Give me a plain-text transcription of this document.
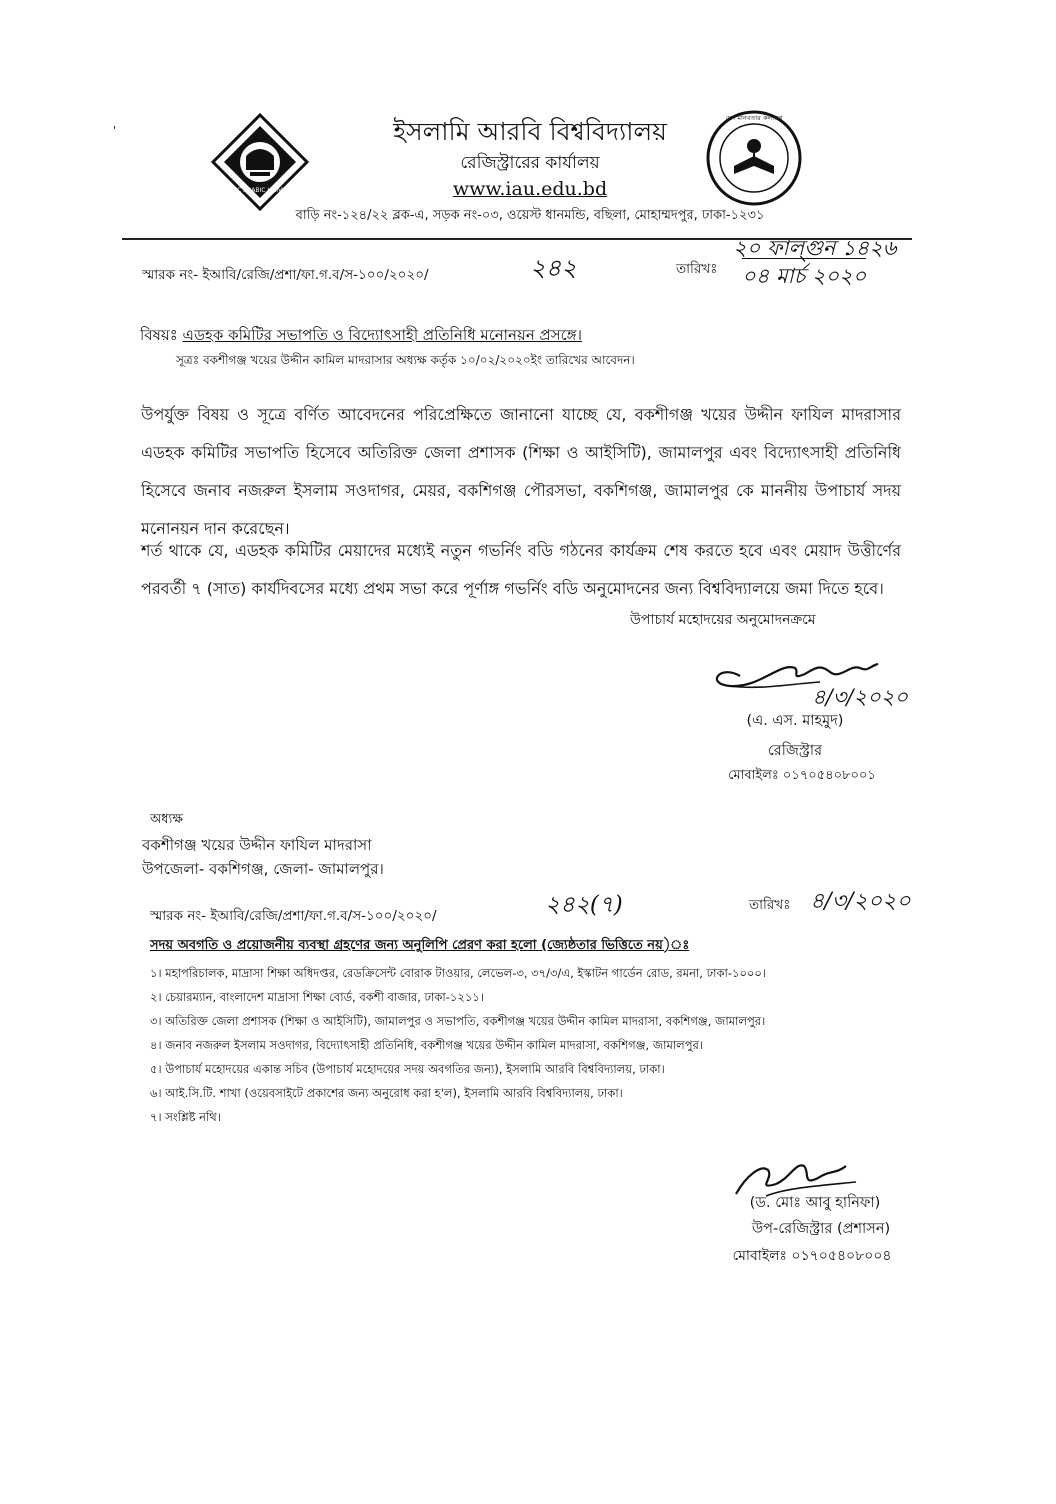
'
ISLAMIC ARABIC UNIVERSITY
ইসলামি আরবি বিশ্ববিদ্যালয়
রেজিস্ট্রারের কার্যালয়
www.iau.edu.bd
দেশ মানবতার কল্যাণে
বাড়ি নং-১২৪/২২ ব্লক-এ, সড়ক নং-০৩, ওয়েস্ট ধানমন্ডি, বছিলা, মোহাম্মদপুর, ঢাকা-১২৩১
স্মারক নং- ইআবি/রেজি/প্রশা/ফা.গ.ব/স-১০০/২০২০/	২৪২	তারিখঃ
২০ ফাল্গুন ১৪২৬
০৪ মার্চ ২০২০
বিষয়ঃ এডহক কমিটির সভাপতি ও বিদ্যোৎসাহী প্রতিনিধি মনোনয়ন প্রসঙ্গে।
সূত্রঃ বকশীগঞ্জ খয়ের উদ্দীন কামিল মাদরাসার অধ্যক্ষ কর্তৃক ১০/০২/২০২০ইং তারিখের আবেদন।
উপর্যুক্ত বিষয় ও সূত্রে বর্ণিত আবেদনের পরিপ্রেক্ষিতে জানানো যাচ্ছে যে, বকশীগঞ্জ খয়ের উদ্দীন ফাযিল মাদরাসার এডহক কমিটির সভাপতি হিসেবে অতিরিক্ত জেলা প্রশাসক (শিক্ষা ও আইসিটি), জামালপুর এবং বিদ্যোৎসাহী প্রতিনিধি হিসেবে জনাব নজরুল ইসলাম সওদাগর, মেয়র, বকশিগঞ্জ পৌরসভা, বকশিগঞ্জ, জামালপুর কে মাননীয় উপাচার্য সদয় মনোনয়ন দান করেছেন।
শর্ত থাকে যে, এডহক কমিটির মেয়াদের মধ্যেই নতুন গভর্নিং বডি গঠনের কার্যক্রম শেষ করতে হবে এবং মেয়াদ উত্তীর্ণের পরবর্তী ৭ (সাত) কার্যদিবসের মধ্যে প্রথম সভা করে পূর্ণাঙ্গ গভর্নিং বডি অনুমোদনের জন্য বিশ্ববিদ্যালয়ে জমা দিতে হবে।
উপাচার্য মহোদয়ের অনুমোদনক্রমে
৪/৩/২০২০
(এ. এস. মাহমুদ)
রেজিস্ট্রার
মোবাইলঃ ০১৭০৫৪০৮০০১
অধ্যক্ষ
বকশীগঞ্জ খয়ের উদ্দীন ফাযিল মাদরাসা
উপজেলা- বকশিগঞ্জ, জেলা- জামালপুর।
স্মারক নং- ইআবি/রেজি/প্রশা/ফা.গ.ব/স-১০০/২০২০/	২৪২(৭)	তারিখঃ ৪/৩/২০২০
সদয় অবগতি ও প্রয়োজনীয় ব্যবস্থা গ্রহণের জন্য অনুলিপি প্রেরণ করা হলো (জ্যেষ্ঠতার ভিত্তিতে নয়)ঃ
১। মহাপরিচালক, মাদ্রাসা শিক্ষা অধিদপ্তর, রেডক্রিসেন্ট বোরাক টাওয়ার, লেভেল-৩, ৩৭/৩/এ, ইস্কাটন গার্ডেন রোড, রমনা, ঢাকা-১০০০।
২। চেয়ারম্যান, বাংলাদেশ মাদ্রাসা শিক্ষা বোর্ড, বকশী বাজার, ঢাকা-১২১১।
৩। অতিরিক্ত জেলা প্রশাসক (শিক্ষা ও আইসিটি), জামালপুর ও সভাপতি, বকশীগঞ্জ খয়ের উদ্দীন কামিল মাদরাসা, বকশিগঞ্জ, জামালপুর।
৪। জনাব নজরুল ইসলাম সওদাগর, বিদ্যোৎসাহী প্রতিনিধি, বকশীগঞ্জ খয়ের উদ্দীন কামিল মাদরাসা, বকশিগঞ্জ, জামালপুর।
৫। উপাচার্য মহোদয়ের একান্ত সচিব (উপাচার্য মহোদয়ের সদয় অবগতির জন্য), ইসলামি আরবি বিশ্ববিদ্যালয়, ঢাকা।
৬। আই.সি.টি. শাখা (ওয়েবসাইটে প্রকাশের জন্য অনুরোধ করা হ'ল), ইসলামি আরবি বিশ্ববিদ্যালয়, ঢাকা।
৭। সংশ্লিষ্ট নথি।
(ড. মোঃ আবু হানিফা)
উপ-রেজিস্ট্রার (প্রশাসন)
মোবাইলঃ ০১৭০৫৪০৮০০৪
